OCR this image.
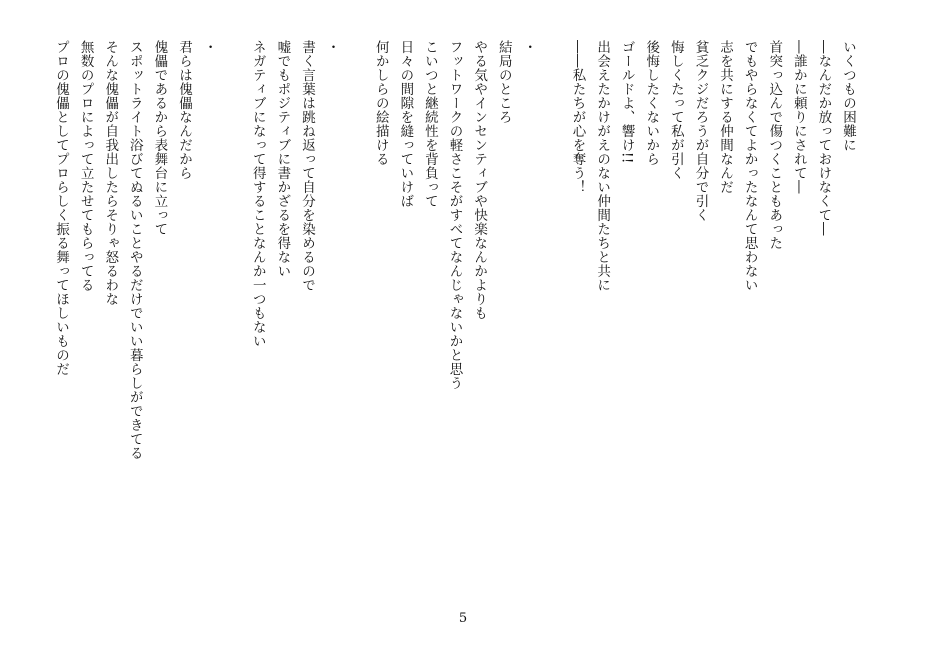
いくつもの困難に
―なんだか放っておけなくて―
―誰かに頼りにされて―
首突っ込んで傷つくこともあった
でもやらなくてよかったなんて思わない
志を共にする仲間なんだ
貧乏クジだろうが自分で引く
悔しくたって私が引く
後悔したくないから
ゴールドよ、響け!!
出会えたかけがえのない仲間たちと共に
――私たちが心を奪う！
・
結局のところ
やる気やインセンティブや快楽なんかよりも
フットワークの軽さこそがすべてなんじゃないかと思う
こいつと継続性を背負って
日々の間隙を縫っていけば
何かしらの絵描ける
・
書く言葉は跳ね返って自分を染めるので
嘘でもポジティブに書かざるを得ない
ネガティブになって得することなんか一つもない
・
君らは傀儡なんだから
傀儡であるから表舞台に立って
スポットライト浴びてぬるいことやるだけでいい暮らしができてる
そんな傀儡が自我出したらそりゃ怒るわな
無数のプロによって立たせてもらってる
プロの傀儡としてプロらしく振る舞ってほしいものだ
5
